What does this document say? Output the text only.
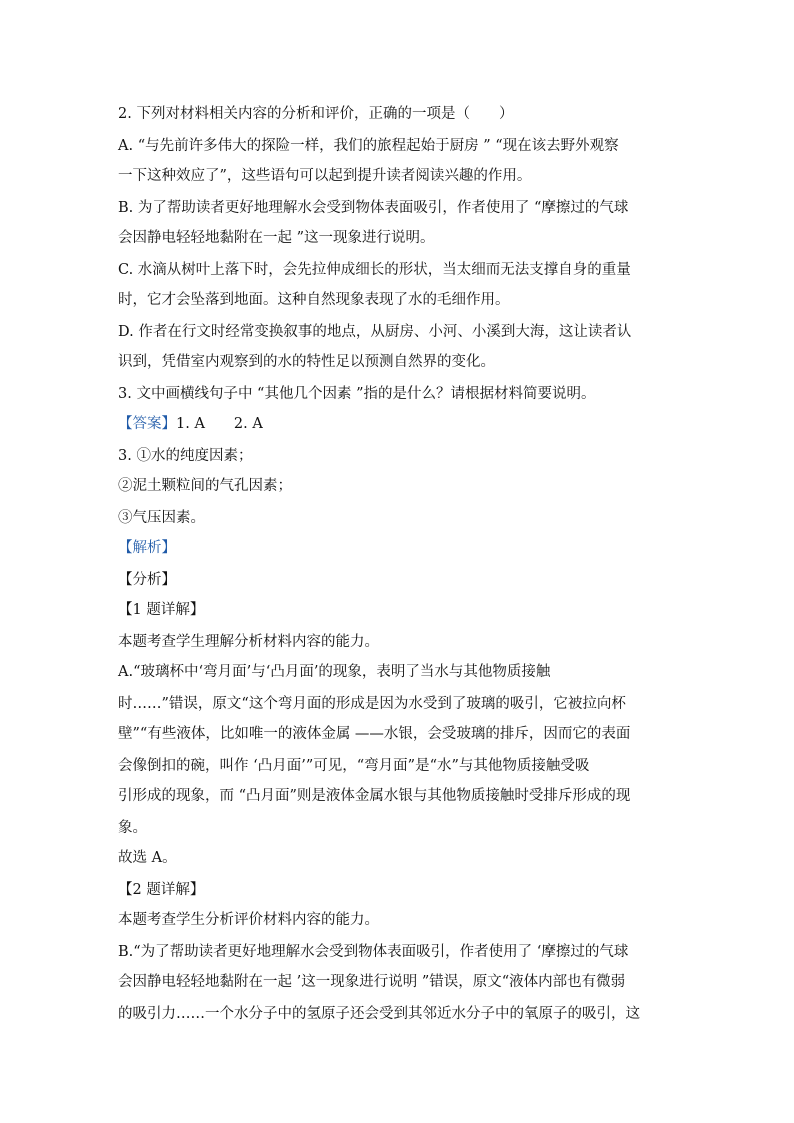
2. 下列对材料相关内容的分析和评价，正确的一项是（　　）
A. “与先前许多伟大的探险一样，我们的旅程起始于厨房 ” “现在该去野外观察
一下这种效应了”，这些语句可以起到提升读者阅读兴趣的作用。
B. 为了帮助读者更好地理解水会受到物体表面吸引，作者使用了 “摩擦过的气球
会因静电轻轻地黏附在一起 ”这一现象进行说明。
C. 水滴从树叶上落下时，会先拉伸成细长的形状，当太细而无法支撑自身的重量
时，它才会坠落到地面。这种自然现象表现了水的毛细作用。
D. 作者在行文时经常变换叙事的地点，从厨房、小河、小溪到大海，这让读者认
识到，凭借室内观察到的水的特性足以预测自然界的变化。
3. 文中画横线句子中 “其他几个因素 ”指的是什么？请根据材料简要说明。
【答案】1. A　　2. A
3. ①水的纯度因素；
②泥土颗粒间的气孔因素；
③气压因素。
【解析】
【分析】
【1 题详解】
本题考查学生理解分析材料内容的能力。
A.“玻璃杯中‘弯月面’与‘凸月面’的现象，表明了当水与其他物质接触
时……”错误，原文“这个弯月面的形成是因为水受到了玻璃的吸引，它被拉向杯
壁”“有些液体，比如唯一的液体金属 ——水银，会受玻璃的排斥，因而它的表面
会像倒扣的碗，叫作 ‘凸月面’”可见，“弯月面”是“水”与其他物质接触受吸
引形成的现象，而 “凸月面”则是液体金属水银与其他物质接触时受排斥形成的现
象。
故选 A。
【2 题详解】
本题考查学生分析评价材料内容的能力。
B.“为了帮助读者更好地理解水会受到物体表面吸引，作者使用了 ‘摩擦过的气球
会因静电轻轻地黏附在一起 ’这一现象进行说明 ”错误，原文“液体内部也有微弱
的吸引力……一个水分子中的氢原子还会受到其邻近水分子中的氧原子的吸引，这
